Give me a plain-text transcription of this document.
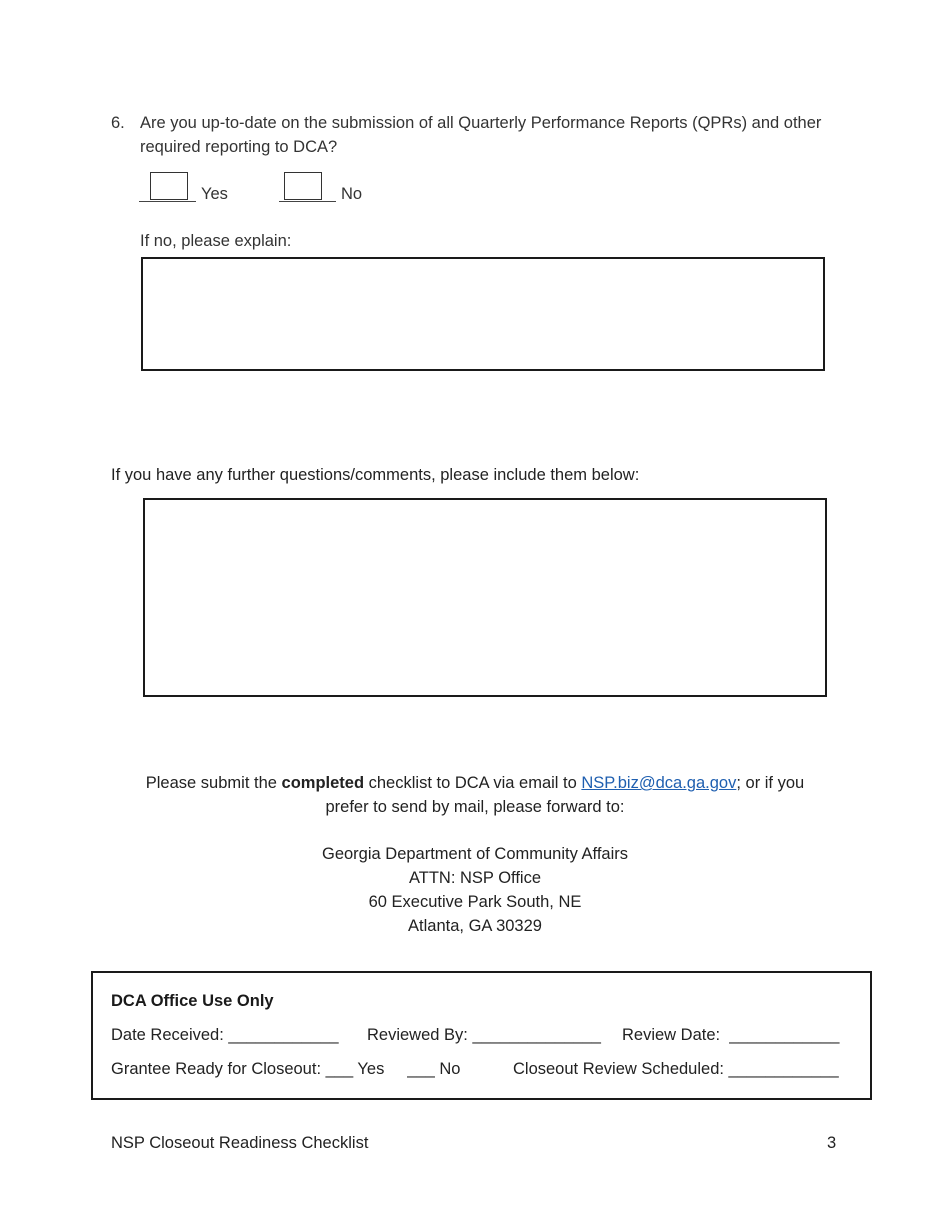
6. Are you up-to-date on the submission of all Quarterly Performance Reports (QPRs) and other required reporting to DCA?
Yes	No
If no, please explain:
If you have any further questions/comments, please include them below:
Please submit the completed checklist to DCA via email to NSP.biz@dca.ga.gov; or if you
prefer to send by mail, please forward to:
Georgia Department of Community Affairs
ATTN: NSP Office
60 Executive Park South, NE
Atlanta, GA 30329
DCA Office Use Only
Date Received: ____________ Reviewed By: ______________ Review Date:  ____________
Grantee Ready for Closeout: ___ Yes     ___ No	Closeout Review Scheduled: ____________
NSP Closeout Readiness Checklist	3
